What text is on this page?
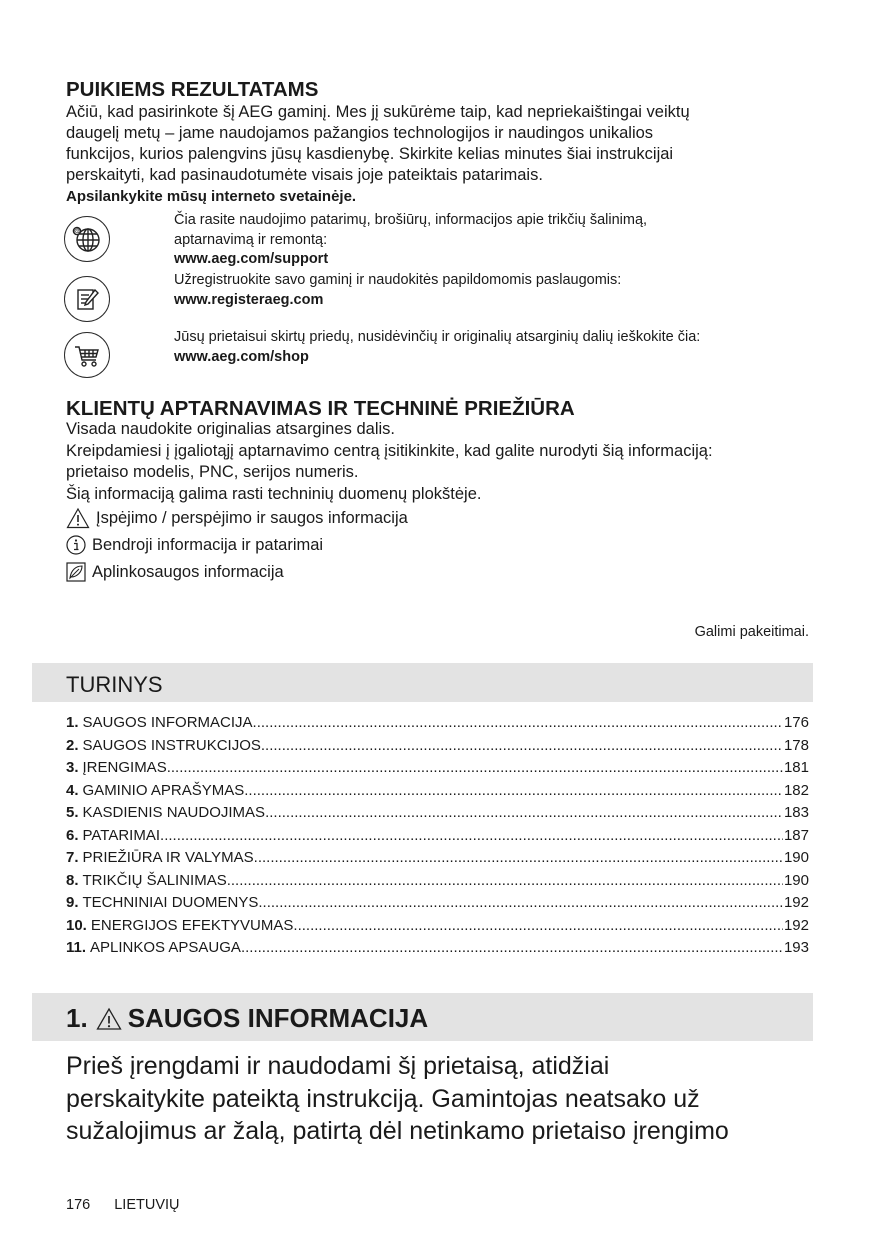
PUIKIEMS REZULTATAMS

Ačiū, kad pasirinkote šį AEG gaminį. Mes jį sukūrėme taip, kad nepriekaištingai veiktų

daugelį metų – jame naudojamos pažangios technologijos ir naudingos unikalios

funkcijos, kurios palengvins jūsų kasdienybę. Skirkite kelias minutes šiai instrukcijai

perskaityti, kad pasinaudotumėte visais joje pateiktais patarimais.

Apsilankykite mūsų interneto svetainėje.

@
Čia rasite naudojimo patarimų, brošiūrų, informacijos apie trikčių šalinimą,
aptarnavimą ir remontą:
www.aeg.com/support
Užregistruokite savo gaminį ir naudokitės papildomomis paslaugomis:
www.registeraeg.com
Jūsų prietaisui skirtų priedų, nusidėvinčių ir originalių atsarginių dalių ieškokite čia:
www.aeg.com/shop
KLIENTŲ APTARNAVIMAS IR TECHNINĖ PRIEŽIŪRA

Visada naudokite originalias atsargines dalis.

Kreipdamiesi į įgaliotąjį aptarnavimo centrą įsitikinkite, kad galite nurodyti šią informaciją:

prietaiso modelis, PNC, serijos numeris.

Šią informaciją galima rasti techninių duomenų plokštėje.

Įspėjimo / perspėjimo ir saugos informacija
Bendroji informacija ir patarimai
Aplinkosaugos informacija
Galimi pakeitimai.
TURINYS
1. SAUGOS INFORMACIJA .....	176
2. SAUGOS INSTRUKCIJOS .....	178
3. ĮRENGIMAS .....	181
4. GAMINIO APRAŠYMAS .....	182
5. KASDIENIS NAUDOJIMAS .....	183
6. PATARIMAI .....	187
7. PRIEŽIŪRA IR VALYMAS .....	190
8. TRIKČIŲ ŠALINIMAS .....	190
9. TECHNINIAI DUOMENYS .....	192
10. ENERGIJOS EFEKTYVUMAS .....	192
11. APLINKOS APSAUGA .....	193
1. SAUGOS INFORMACIJA

Prieš įrengdami ir naudodami šį prietaisą, atidžiai

perskaitykite pateiktą instrukciją. Gamintojas neatsako už

sužalojimus ar žalą, patirtą dėl netinkamo prietaiso įrengimo

176 LIETUVIŲ
